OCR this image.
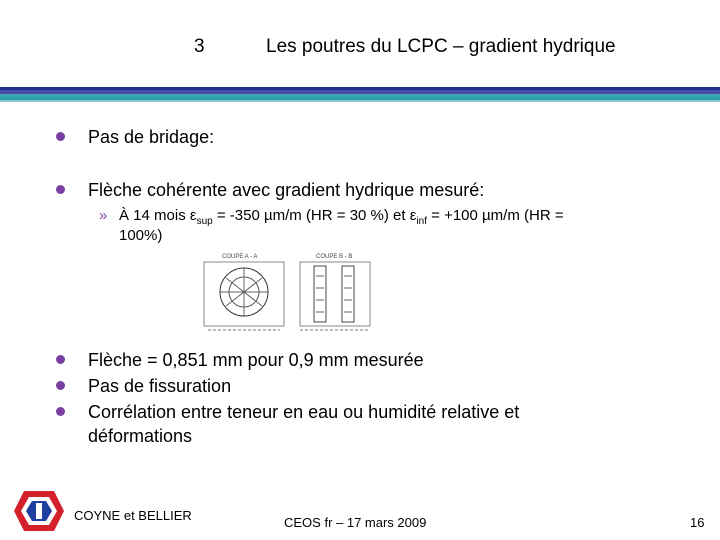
3	Les poutres du LCPC – gradient hydrique
Pas de bridage:
Flèche cohérente avec gradient hydrique mesuré:
» À 14 mois $\varepsilon_{sup} = -350$ µm/m (HR = 30 %) et $\varepsilon_{inf} = +100$ µm/m (HR =
100%)
COUPE A - A	COUPE B - B
Flèche = 0,851 mm pour 0,9 mm mesurée
Pas de fissuration
Corrélation entre teneur en eau ou humidité relative et
déformations
COYNE et BELLIER	CEOS fr – 17 mars 2009	16
